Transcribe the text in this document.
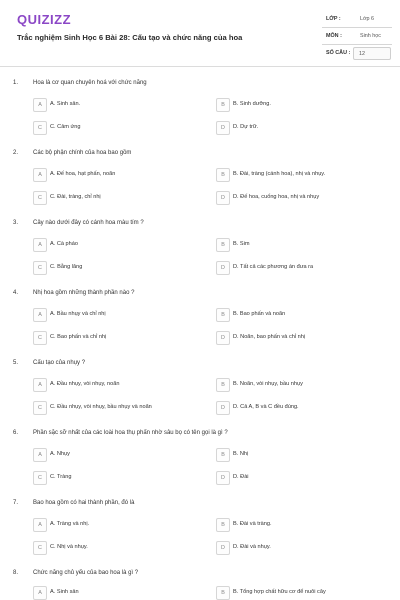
QUIZIZZ
Trắc nghiệm Sinh Học 6 Bài 28: Cấu tạo và chức năng của hoa
LỚP :	Lớp 6
MÔN :	Sinh học
SỐ CÂU : 12
1. Hoa là cơ quan chuyên hoá với chức năng
A	A. Sinh sản.	B	B. Sinh dưỡng.
C	C. Cảm ứng	D	D. Dự trữ.
2. Các bộ phận chính của hoa bao gồm
A	A. Đế hoa, hạt phấn, noãn	B	B. Đài, tràng (cánh hoa), nhị và nhụy.
C	C. Đài, tràng, chỉ nhị	D	D. Đế hoa, cuống hoa, nhị và nhụy
3. Cây nào dưới đây có cánh hoa màu tím ?
A	A. Cà pháo	B	B. Sim
C	C. Bằng lăng	D	D. Tất cả các phương án đưa ra
4. Nhị hoa gồm những thành phần nào ?
A	A. Bầu nhụy và chỉ nhị	B	B. Bao phấn và noãn
C	C. Bao phấn và chỉ nhị	D	D. Noãn, bao phấn và chỉ nhị
5. Cấu tạo của nhụy ?
A	A. Đầu nhụy, vòi nhụy, noãn	B	B. Noãn, vòi nhụy, bầu nhụy
C	C. Đầu nhụy, vòi nhụy, bầu nhụy và noãn	D	D. Cả A, B và C đều đúng.
6. Phần sặc sỡ nhất của các loài hoa thụ phấn nhờ sâu bọ có tên gọi là gì ?
A	A. Nhụy	B	B. Nhị
C	C. Tràng	D	D. Đài
7. Bao hoa gồm có hai thành phần, đó là
A	A. Tràng và nhị.	B	B. Đài và tràng.
C	C. Nhị và nhụy.	D	D. Đài và nhụy.
8. Chức năng chủ yếu của bao hoa là gì ?
A	A. Sinh sản	B	B. Tổng hợp chất hữu cơ để nuôi cây
